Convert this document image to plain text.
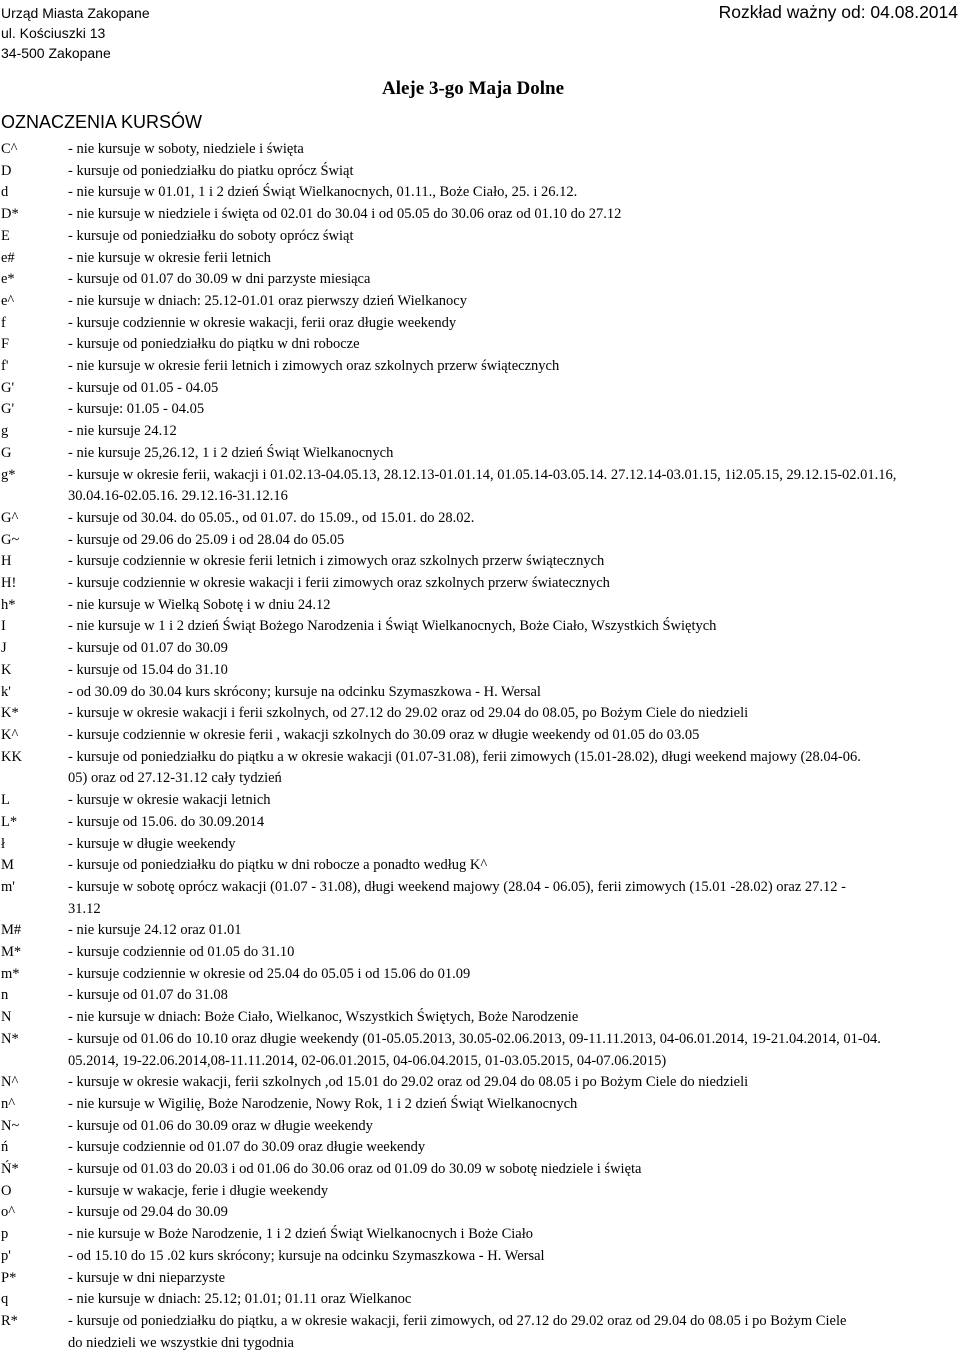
Urząd Miasta Zakopane
ul. Kościuszki 13
34-500 Zakopane
Rozkład ważny od: 04.08.2014
Aleje 3-go Maja Dolne
OZNACZENIA KURSÓW
C^	- nie kursuje w soboty, niedziele i święta
D	- kursuje od poniedziałku do piatku oprócz Świąt
d	- nie kursuje w 01.01, 1 i 2 dzień Świąt Wielkanocnych, 01.11., Boże Ciało, 25. i 26.12.
D*	- nie kursuje w niedziele i święta od 02.01 do 30.04 i od 05.05 do 30.06 oraz od 01.10 do 27.12
E	- kursuje od poniedziałku do soboty oprócz świąt
e#	- nie kursuje w okresie ferii letnich
e*	- kursuje od 01.07 do 30.09 w dni parzyste miesiąca
e^	- nie kursuje w dniach: 25.12-01.01 oraz pierwszy dzień Wielkanocy
f	- kursuje codziennie w okresie wakacji, ferii oraz długie weekendy
F	- kursuje od poniedziałku do piątku w dni robocze
f'	- nie kursuje w okresie ferii letnich i zimowych oraz szkolnych przerw świątecznych
G'	- kursuje od 01.05 - 04.05
G'	- kursuje: 01.05 - 04.05
g	- nie kursuje 24.12
G	- nie kursuje 25,26.12, 1 i 2 dzień Świąt Wielkanocnych
g*	- kursuje w okresie ferii, wakacji i 01.02.13-04.05.13, 28.12.13-01.01.14, 01.05.14-03.05.14. 27.12.14-03.01.15, 1i2.05.15, 29.12.15-02.01.16,
30.04.16-02.05.16. 29.12.16-31.12.16
G^	- kursuje od 30.04. do 05.05., od 01.07. do 15.09., od 15.01. do 28.02.
G~	- kursuje od 29.06 do 25.09 i od 28.04 do 05.05
H	- kursuje codziennie w okresie ferii letnich i zimowych oraz szkolnych przerw świątecznych
H!	- kursuje codziennie w okresie wakacji i ferii zimowych oraz szkolnych przerw światecznych
h*	- nie kursuje w Wielką Sobotę i w dniu 24.12
I	- nie kursuje w 1 i 2 dzień Świąt Bożego Narodzenia i Świąt Wielkanocnych, Boże Ciało, Wszystkich Świętych
J	- kursuje od 01.07 do 30.09
K	- kursuje od 15.04 do 31.10
k'	- od 30.09 do 30.04 kurs skrócony; kursuje na odcinku Szymaszkowa - H. Wersal
K*	- kursuje w okresie wakacji i ferii szkolnych, od 27.12 do 29.02 oraz od 29.04 do 08.05, po Bożym Ciele do niedzieli
K^	- kursuje codziennie w okresie ferii , wakacji szkolnych do 30.09 oraz w długie weekendy od 01.05 do 03.05
KK	- kursuje od poniedziałku do piątku a w okresie wakacji (01.07-31.08), ferii zimowych (15.01-28.02), długi weekend majowy (28.04-06.
05) oraz od 27.12-31.12 cały tydzień
L	- kursuje w okresie wakacji letnich
L*	- kursuje od 15.06. do 30.09.2014
ł	- kursuje w długie weekendy
M	- kursuje od poniedziałku do piątku w dni robocze a ponadto według K^
m'	- kursuje w sobotę oprócz wakacji (01.07 - 31.08), długi weekend majowy (28.04 - 06.05), ferii zimowych (15.01 -28.02) oraz 27.12 -
31.12
M#	- nie kursuje 24.12 oraz 01.01
M*	- kursuje codziennie od 01.05 do 31.10
m*	- kursuje codziennie w okresie od 25.04 do 05.05 i od 15.06 do 01.09
n	- kursuje od 01.07 do 31.08
N	- nie kursuje w dniach: Boże Ciało, Wielkanoc, Wszystkich Świętych, Boże Narodzenie
N*	- kursuje od 01.06 do 10.10 oraz długie weekendy (01-05.05.2013, 30.05-02.06.2013, 09-11.11.2013, 04-06.01.2014, 19-21.04.2014, 01-04.
05.2014, 19-22.06.2014,08-11.11.2014, 02-06.01.2015, 04-06.04.2015, 01-03.05.2015, 04-07.06.2015)
N^	- kursuje w okresie wakacji, ferii szkolnych ,od 15.01 do 29.02 oraz od 29.04 do 08.05 i po Bożym Ciele do niedzieli
n^	- nie kursuje w Wigilię, Boże Narodzenie, Nowy Rok, 1 i 2 dzień Świąt Wielkanocnych
N~	- kursuje od 01.06 do 30.09 oraz w długie weekendy
ń	- kursuje codziennie od 01.07 do 30.09 oraz długie weekendy
Ń*	- kursuje od 01.03 do 20.03 i od 01.06 do 30.06 oraz od 01.09 do 30.09 w sobotę niedziele i święta
O	- kursuje w wakacje, ferie i długie weekendy
o^	- kursuje od 29.04 do 30.09
p	- nie kursuje w Boże Narodzenie, 1 i 2 dzień Świąt Wielkanocnych i Boże Ciało
p'	- od 15.10 do 15 .02 kurs skrócony; kursuje na odcinku Szymaszkowa - H. Wersal
P*	- kursuje w dni nieparzyste
q	- nie kursuje w dniach: 25.12; 01.01; 01.11 oraz Wielkanoc
R*	- kursuje od poniedziałku do piątku, a w okresie wakacji, ferii zimowych, od 27.12 do 29.02 oraz od 29.04 do 08.05 i po Bożym Ciele
do niedzieli we wszystkie dni tygodnia
